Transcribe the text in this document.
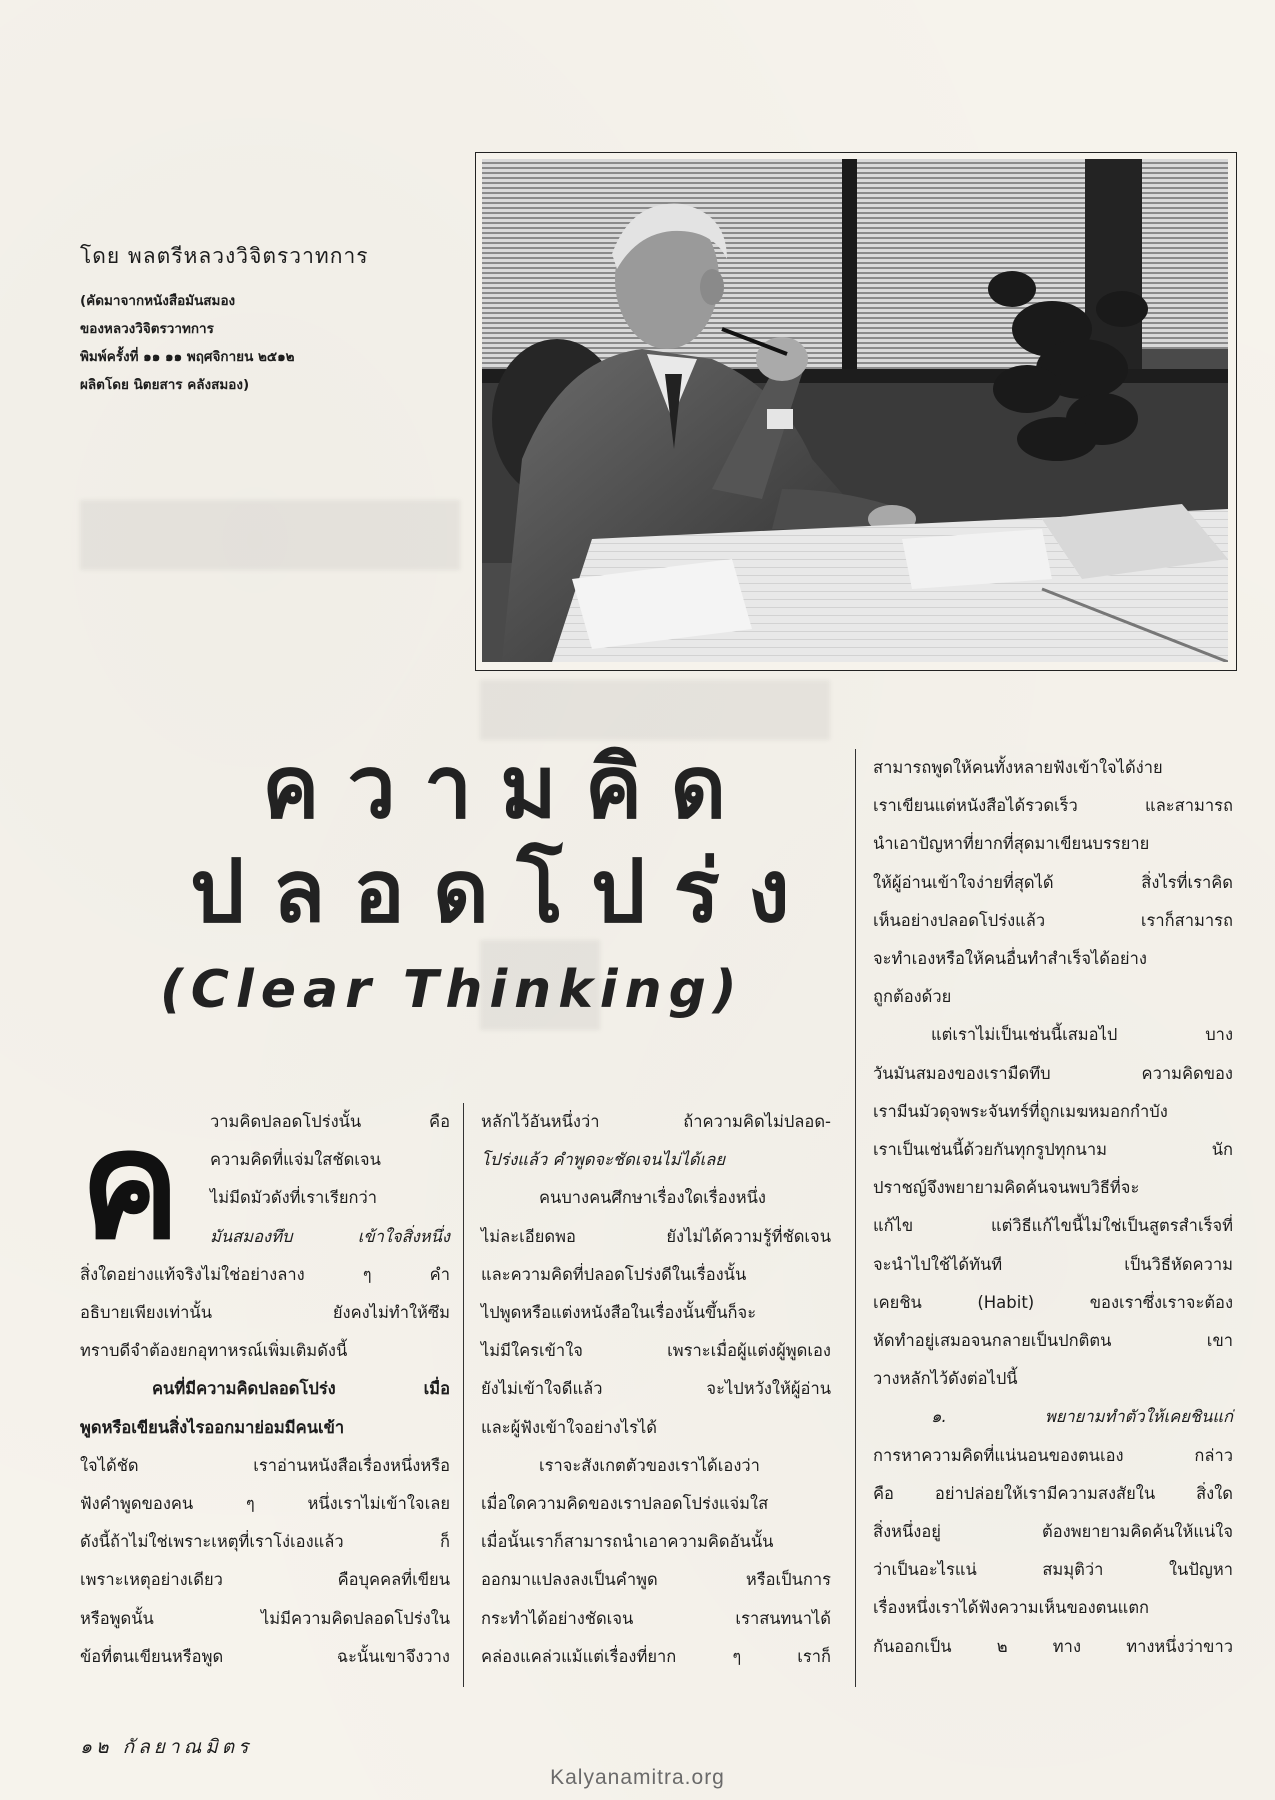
โดย พลตรีหลวงวิจิตรวาทการ

(คัดมาจากหนังสือมันสมอง

ของหลวงวิจิตรวาทการ

พิมพ์ครั้งที่ ๑๑ ๑๑ พฤศจิกายน ๒๕๑๒

ผลิตโดย นิตยสาร คลังสมอง)

ความคิด
ปลอดโปร่ง
(Clear Thinking)
ค	วามคิดปลอดโปร่งนั้น คือ
ความคิดที่แจ่มใสชัดเจน
ไม่มีดมัวดังที่เราเรียกว่า
มันสมองทึบ เข้าใจสิ่งหนึ่ง
สิ่งใดอย่างแท้จริงไม่ใช่อย่างลาง ๆ คำ
อธิบายเพียงเท่านั้น ยังคงไม่ทำให้ซึม
ทราบดีจำต้องยกอุทาหรณ์เพิ่มเติมดังนี้
คนที่มีความคิดปลอดโปร่ง เมื่อ
พูดหรือเขียนสิ่งไรออกมาย่อมมีคนเข้า
ใจได้ชัด เราอ่านหนังสือเรื่องหนึ่งหรือ
ฟังคำพูดของคน ๆ หนึ่งเราไม่เข้าใจเลย
ดังนี้ถ้าไม่ใช่เพราะเหตุที่เราโง่เองแล้ว ก็
เพราะเหตุอย่างเดียว คือบุคคลที่เขียน
หรือพูดนั้น ไม่มีความคิดปลอดโปร่งใน
ข้อที่ตนเขียนหรือพูด ฉะนั้นเขาจึงวาง
หลักไว้อันหนึ่งว่า ถ้าความคิดไม่ปลอด-
โปร่งแล้ว คำพูดจะชัดเจนไม่ได้เลย
คนบางคนศึกษาเรื่องใดเรื่องหนึ่ง
ไม่ละเอียดพอ ยังไม่ได้ความรู้ที่ชัดเจน
และความคิดที่ปลอดโปร่งดีในเรื่องนั้น
ไปพูดหรือแต่งหนังสือในเรื่องนั้นขึ้นก็จะ
ไม่มีใครเข้าใจ เพราะเมื่อผู้แต่งผู้พูดเอง
ยังไม่เข้าใจดีแล้ว จะไปหวังให้ผู้อ่าน
และผู้ฟังเข้าใจอย่างไรได้
เราจะสังเกตตัวของเราได้เองว่า
เมื่อใดความคิดของเราปลอดโปร่งแจ่มใส
เมื่อนั้นเราก็สามารถนำเอาความคิดอันนั้น
ออกมาแปลงลงเป็นคำพูด หรือเป็นการ
กระทำได้อย่างชัดเจน เราสนทนาได้
คล่องแคล่วแม้แต่เรื่องที่ยาก ๆ เราก็
สามารถพูดให้คนทั้งหลายฟังเข้าใจได้ง่าย
เราเขียนแต่หนังสือได้รวดเร็ว และสามารถ
นำเอาปัญหาที่ยากที่สุดมาเขียนบรรยาย
ให้ผู้อ่านเข้าใจง่ายที่สุดได้ สิ่งไรที่เราคิด
เห็นอย่างปลอดโปร่งแล้ว เราก็สามารถ
จะทำเองหรือให้คนอื่นทำสำเร็จได้อย่าง
ถูกต้องด้วย
แต่เราไม่เป็นเช่นนี้เสมอไป บาง
วันมันสมองของเรามืดทึบ ความคิดของ
เรามีนมัวดุจพระจันทร์ที่ถูกเมฆหมอกกำบัง
เราเป็นเช่นนี้ด้วยกันทุกรูปทุกนาม นัก
ปราชญ์จึงพยายามคิดค้นจนพบวิธีที่จะ
แก้ไข แต่วิธีแก้ไขนี้ไม่ใช่เป็นสูตรสำเร็จที่
จะนำไปใช้ได้ทันที เป็นวิธีหัดความ
เคยชิน (Habit) ของเราซึ่งเราจะต้อง
หัดทำอยู่เสมอจนกลายเป็นปกติตน เขา
วางหลักไว้ดังต่อไปนี้
๑. พยายามทำตัวให้เคยชินแก่
การหาความคิดที่แน่นอนของตนเอง กล่าว
คือ อย่าปล่อยให้เรามีความสงสัยใน สิ่งใด
สิ่งหนึ่งอยู่ ต้องพยายามคิดค้นให้แน่ใจ
ว่าเป็นอะไรแน่ สมมุติว่า ในปัญหา
เรื่องหนึ่งเราได้ฟังความเห็นของตนแตก
กันออกเป็น ๒ ทาง ทางหนึ่งว่าขาว
๑๒ กัลยาณมิตร
Kalyanamitra.org
